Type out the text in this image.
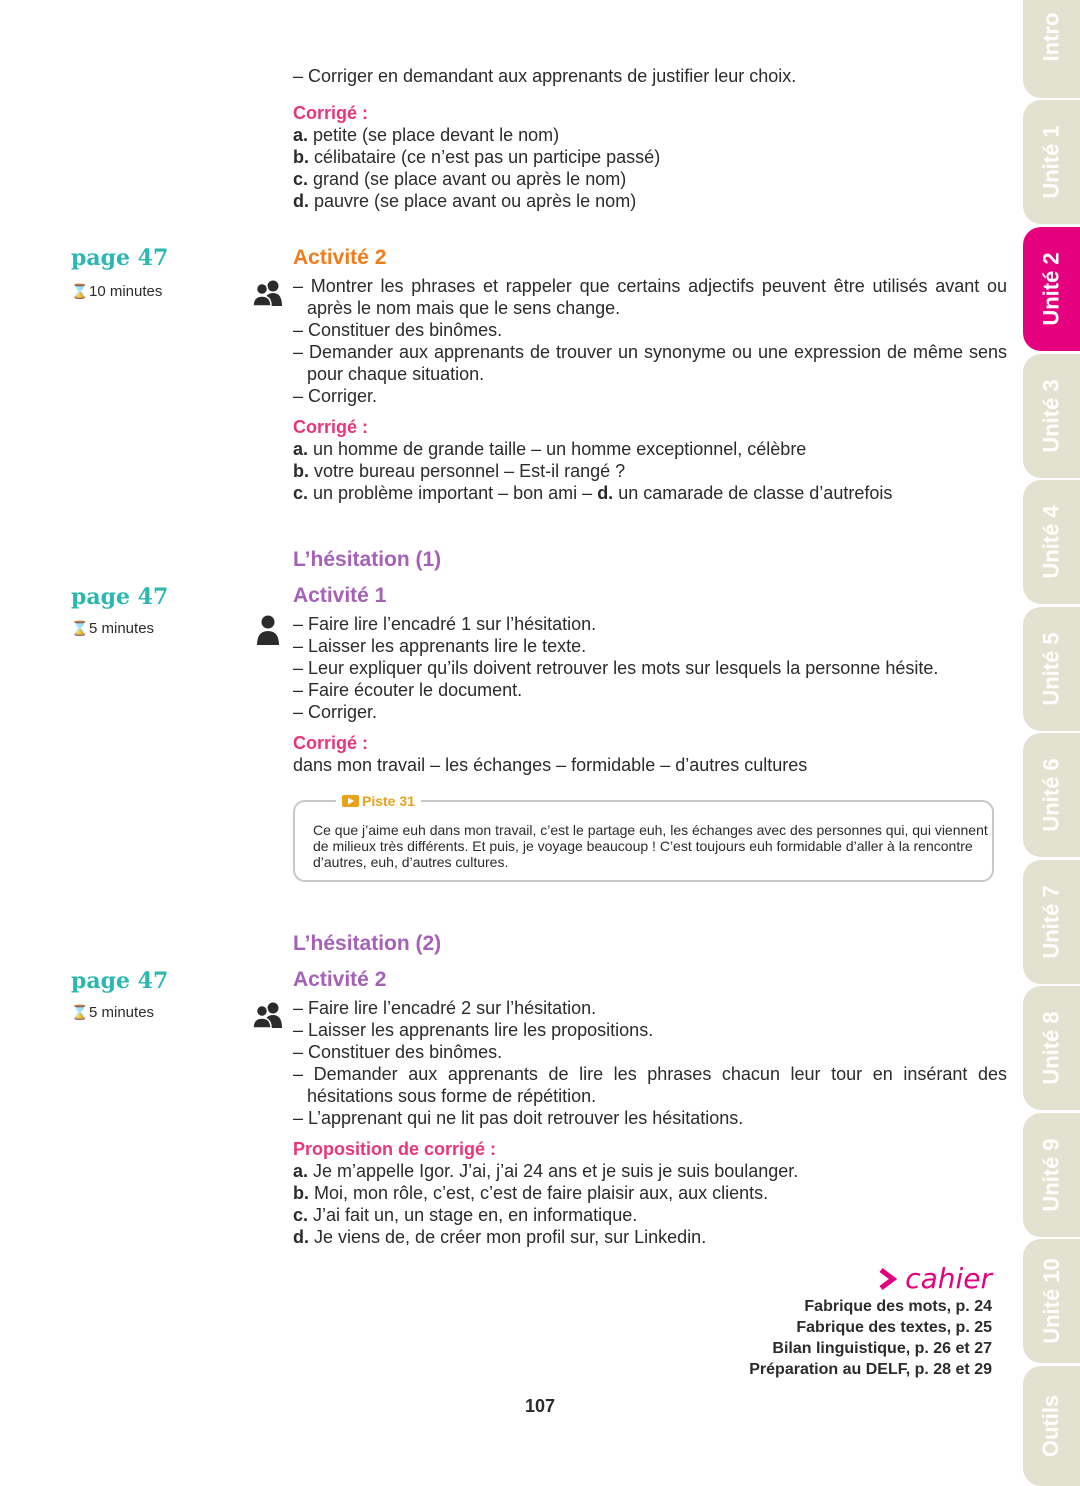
– Corriger en demandant aux apprenants de justifier leur choix.
Corrigé :
a. petite (se place devant le nom)
b. célibataire (ce n’est pas un participe passé)
c. grand (se place avant ou après le nom)
d. pauvre (se place avant ou après le nom)
page 47
⌛10 minutes
Activité 2
– Montrer les phrases et rappeler que certains adjectifs peuvent être utilisés avant ou après le nom mais que le sens change.
– Constituer des binômes.
– Demander aux apprenants de trouver un synonyme ou une expression de même sens pour chaque situation.
– Corriger.
Corrigé :
a. un homme de grande taille – un homme exceptionnel, célèbre
b. votre bureau personnel – Est-il rangé ?
c. un problème important – bon ami – d. un camarade de classe d’autrefois
L’hésitation (1)
page 47
⌛5 minutes
Activité 1
– Faire lire l’encadré 1 sur l’hésitation.
– Laisser les apprenants lire le texte.
– Leur expliquer qu’ils doivent retrouver les mots sur lesquels la personne hésite.
– Faire écouter le document.
– Corriger.
Corrigé :
dans mon travail – les échanges – formidable – d’autres cultures
Piste 31
Ce que j’aime euh dans mon travail, c’est le partage euh, les échanges avec des personnes qui, qui viennent de milieux très différents. Et puis, je voyage beaucoup ! C’est toujours euh formidable d’aller à la rencontre d’autres, euh, d’autres cultures.
L’hésitation (2)
page 47
⌛5 minutes
Activité 2
– Faire lire l’encadré 2 sur l’hésitation.
– Laisser les apprenants lire les propositions.
– Constituer des binômes.
– Demander aux apprenants de lire les phrases chacun leur tour en insérant des hésitations sous forme de répétition.
– L’apprenant qui ne lit pas doit retrouver les hésitations.
Proposition de corrigé :
a. Je m’appelle Igor. J’ai, j’ai 24 ans et je suis je suis boulanger.
b. Moi, mon rôle, c’est, c’est de faire plaisir aux, aux clients.
c. J’ai fait un, un stage en, en informatique.
d. Je viens de, de créer mon profil sur, sur Linkedin.
cahier
Fabrique des mots, p. 24
Fabrique des textes, p. 25
Bilan linguistique, p. 26 et 27
Préparation au DELF, p. 28 et 29
107
Intro
Unité 1
Unité 2
Unité 3
Unité 4
Unité 5
Unité 6
Unité 7
Unité 8
Unité 9
Unité 10
Outils
